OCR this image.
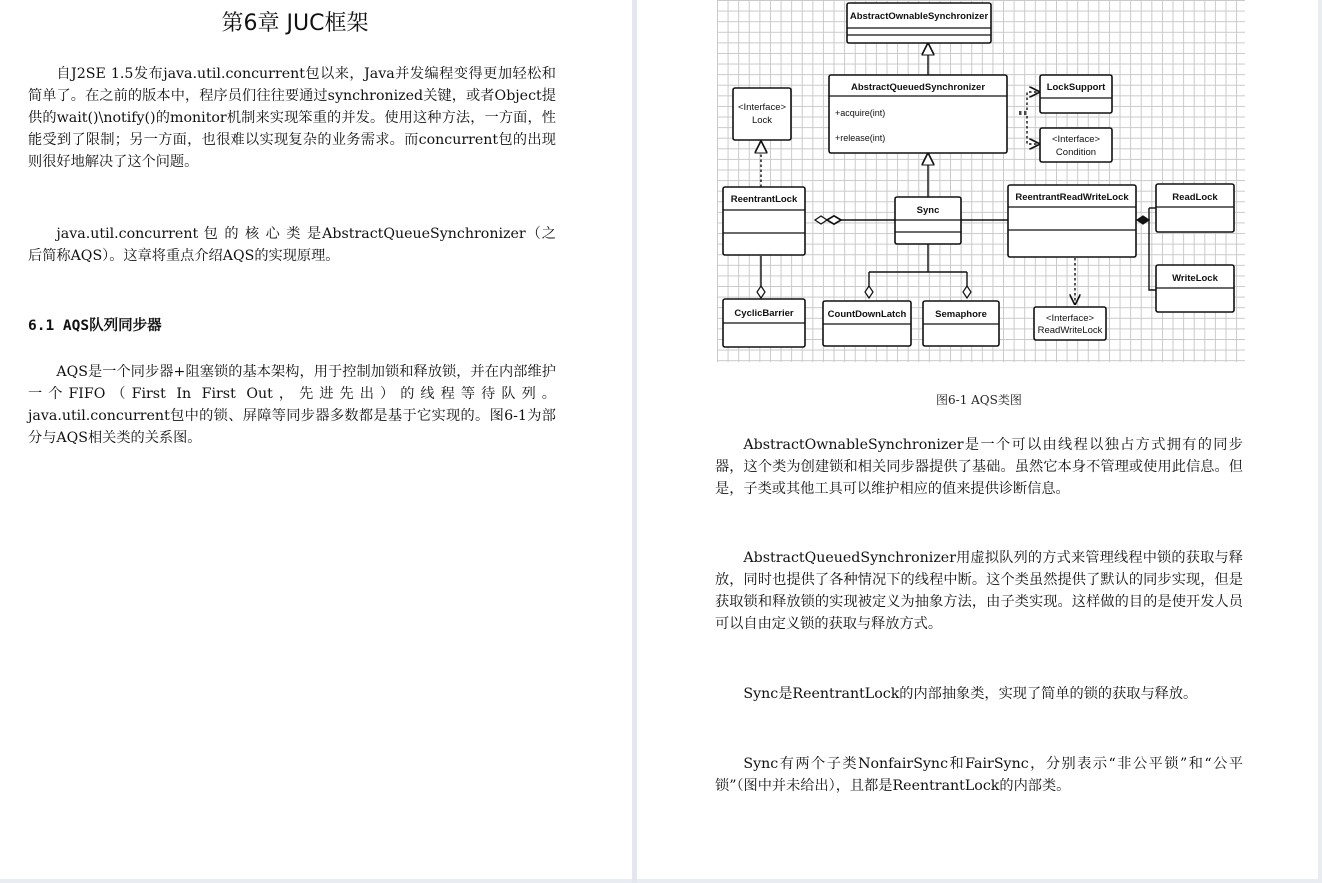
第6章 JUC框架

自J2SE 1.5发布java.util.concurrent包以来，Java并发编程变得更加轻松和简单了。在之前的版本中，程序员们往往要通过synchronized关键，或者Object提供的wait()\notify()的monitor机制来实现笨重的并发。使用这种方法，一方面，性能受到了限制；另一方面，也很难以实现复杂的业务需求。而concurrent包的出现则很好地解决了这个问题。

java.util.concurrent 包 的 核 心 类 是AbstractQueueSynchronizer（之后简称AQS）。这章将重点介绍AQS的实现原理。

6.1 AQS队列同步器

AQS是一个同步器+阻塞锁的基本架构，用于控制加锁和释放锁，并在内部维护一个FIFO（First In First Out，先进先出）的线程等待队列。java.util.concurrent包中的锁、屏障等同步器多数都是基于它实现的。图6-1为部分与AQS相关类的关系图。

AbstractOwnableSynchronizer
AbstractQueuedSynchronizer
+acquire(int)
+release(int)
<Interface>
Lock
LockSupport
<Interface>
Condition
ReentrantLock
Sync
ReentrantReadWriteLock	ReadLock
WriteLock
CyclicBarrier	CountDownLatch	Semaphore	<Interface>
ReadWriteLock
图6-1 AQS类图

AbstractOwnableSynchronizer是一个可以由线程以独占方式拥有的同步器，这个类为创建锁和相关同步器提供了基础。虽然它本身不管理或使用此信息。但是，子类或其他工具可以维护相应的值来提供诊断信息。

AbstractQueuedSynchronizer用虚拟队列的方式来管理线程中锁的获取与释放，同时也提供了各种情况下的线程中断。这个类虽然提供了默认的同步实现，但是获取锁和释放锁的实现被定义为抽象方法，由子类实现。这样做的目的是使开发人员可以自由定义锁的获取与释放方式。

Sync是ReentrantLock的内部抽象类，实现了简单的锁的获取与释放。

Sync有两个子类NonfairSync和FairSync，分别表示“非公平锁”和“公平锁”（图中并未给出），且都是ReentrantLock的内部类。
